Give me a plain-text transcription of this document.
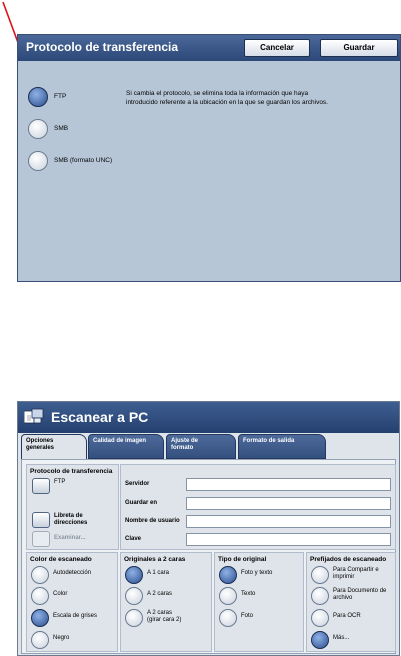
Protocolo de transferencia	Cancelar	Guardar
FTP
SMB
SMB (formato UNC)
Si cambia el protocolo, se elimina toda la información que haya
introducido referente a la ubicación en la que se guardan los archivos.
Escanear a PC
Opciones
generales
Calidad de imagen	Ajuste de
formato
Formato de salida
Protocolo de transferencia
FTP
Libreta de
direcciones
Examinar...
Servidor
Guardar en
Nombre de usuario
Clave
Color de escaneado
Autodetección
Color
Escala de grises
Negro
Originales a 2 caras
A 1 cara
A 2 caras
A 2 caras
(girar cara 2)
Tipo de original
Foto y texto
Texto
Foto
Prefijados de escaneado
Para Compartir e
imprimir
Para Documento de
archivo
Para OCR
Más...
